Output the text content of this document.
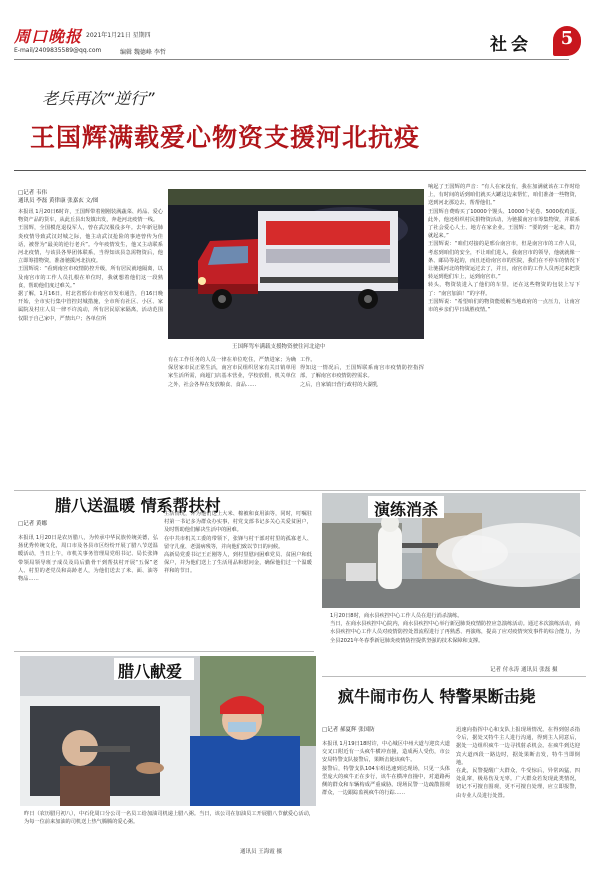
周口晚报 2021年1月21日 星期四
E-mail/2409835589@qq.com	编辑 魏德峰 李哲	社会	5
老兵再次“逆行”
王国辉满载爱心物资支援河北抗疫
□记者 韦伟
通讯员 李磊 黄律康 张嘉玄 文/图
本报讯 1月20日6时许，王国辉带着刚刚装满蔬菜、药品、爱心物资产品的货车，从此丘县出发镇出发，奔赴河北疫情一线。
王国辉，全国模范退役军人，曾在武汉服役多年。去年新冠肺炎疫情导致武汉封城之际，他主动武汉抢险的事迹曾传为佳话，被誉为“最美的逆行老兵”。今年疫情发生，他又主动联系河北疫情，与该县各界团体联系，当得知该县急需物资后，他立即筹措物资，准备驰援河北抗疫。
王国辉说：“看到南宫市疫情防控升级，所有居民就地隔离，以及南宫市的工作人员扎根在单位时，我就想着他们这一段熟食，帮助他们度过难关。”
据了解，1月16日，村北省邢台市南宫市发布通告，自16日晚开始，全市实行集中管控封城措施，全市所有社区、小区、家属院及村庄人员一律不许流动，所有居民原家隔离，活动范围仅限于自己家中，严禁出户；各单位所
王国辉驾车满载支援物资驶往河北途中
有在工作任务的人员一律在单位吃住，严禁进家；为确保居家市民正常生活，南宫市民组织居家有关日销单用家生活所需，商超门店基本营业，学校放假，机关单位之外，社会各界在发放粮食、食品……
工作。
得知这一情况后，王国辉联系南宫市疫情防控指挥部，了解南宫市疫情防控需求。
之后，自家镇曰营行政村的大湖乳
响起了王国辉的声音：“有人在家没有，我在加满就该在工作时给上，有时间的话到咱们就买大罐这边来帮忙，咱们准备一些物资，送到河北那边去，帮帮他们。”
王国辉自费购买了10000个馒头、10000个花卷、5000枚鸡蛋。此外，他还组织村民捐物资活动，为驰援南宫市筹集物资，并联系了社会爱心人士、地方在家企业。王国辉：“要的到一起来，群力就起来。”
王国辉说：“咱们对接的是邢台南宫市，但是南宫市的工作人员，考虑到咱们的安全，不让咱们进入，我南宫市的领导，他就就像一条、邮局等起的，而且还给南宫市的医院，我们在不停车的情况下让驰援河北的物资运过去了，并且，南宫市的工作人员再过来把货转运到他们车上，运到南宫市。”
转头，物资装进入了他们的车里，还在这些物资的包装上写下了：“南宫加油！”的字样。
王国辉说：“希望咱们的物资能缓解当地政府的一点压力，让南宫市的乡亲们早日战胜疫情。”
腊八送温暖 情系帮扶村
□记者 黄娜
本报讯 1月20日是农历腊八，为传承中华民族传统美德，弘扬优秀传统文化，周口市及各县市区纷纷开展了腊八节送温暖活动，当日上午，市机关事务管理局党组书记、局长张锋带领局领导班子成员及局后勤骨干到帮扶村开展“五保”老人、村里的老党员和高龄老人，为他们送去了米、面、油等物品……
生活情况，并为他们送上大米、棉被和食用油等，同时，叮嘱驻村第一书记多为群众办实事，村党支部书记多关心关爱贫困户，及时帮助他们解决生活中的困难。
在中共市机关工委的带领下，张锋与村干部对村里的孤寡老人、留守儿童、老弱病残等，并向他们致以节日的问候。
高新局党委书记王正刚等人，到村里慰问困难党员、贫困户和低保户，并为他们送上了生活用品和慰问金，确保他们过一个温暖祥和的节日。
演练消杀
1月20日8时，商水县疾控中心工作人员在进行消杀演练。
当日，在商水县疾控中心院内，商水县疾控中心举行新冠肺炎疫情防控应急演练活动。通过本次演练活动，商水县疾控中心工作人员对疫情防控处置流程进行了再熟悉、再演练，提高了应对疫情突发事件的综合能力，为全县2021年冬春季新冠肺炎疫情防控提供坚强的技术保障和支撑。
记者 付永涛 通讯员 张磊 摄
腊八献爱
昨日（农历腊月初八），中石化周口分公司一名员工给加油司机递上腊八粥。当日，该公司在加油员工开展腊八节献爱心活动，为每一位前来加油的司机送上热气腾腾的爱心粥。
通讯员 王海霞 摄
疯牛闹市伤人 特警果断击毙
□记者 郝夏辉 张国防
本报讯 1月19日18时许，中心城区中州大道与迎宾大道交叉口附近有一头疯牛横冲直撞，造成两人受伤，市公安局特警支队接警后，果断击毙该疯牛。
接警后，特警支队104车组迅速到达现场，只见一头体型庞大的疯牛正在步行，该牛在横冲直撞中，对道路两侧的群众和车辆构成严重威胁。现场民警一边疏散围观群众，一边跟踪监视疯牛的行踪……
迅速向指挥中心和支队上报现场情况。在得到射杀指令后，据处又特牛主人进行沟通，得到主人同意后，据处一边组织疯牛一边寻找射杀机会。在疯牛到达迎宾大道西段一路边时，据处果断击发，特牛当即倒地。
在此，民警提醒广大群众，牛受惊后，异常凶猛，四处乱窜，极易伤及无辜。广大群众若发现此类情况，切记不可擅自围观，更不可擅自处理，应立即报警，由专业人员进行处置。
